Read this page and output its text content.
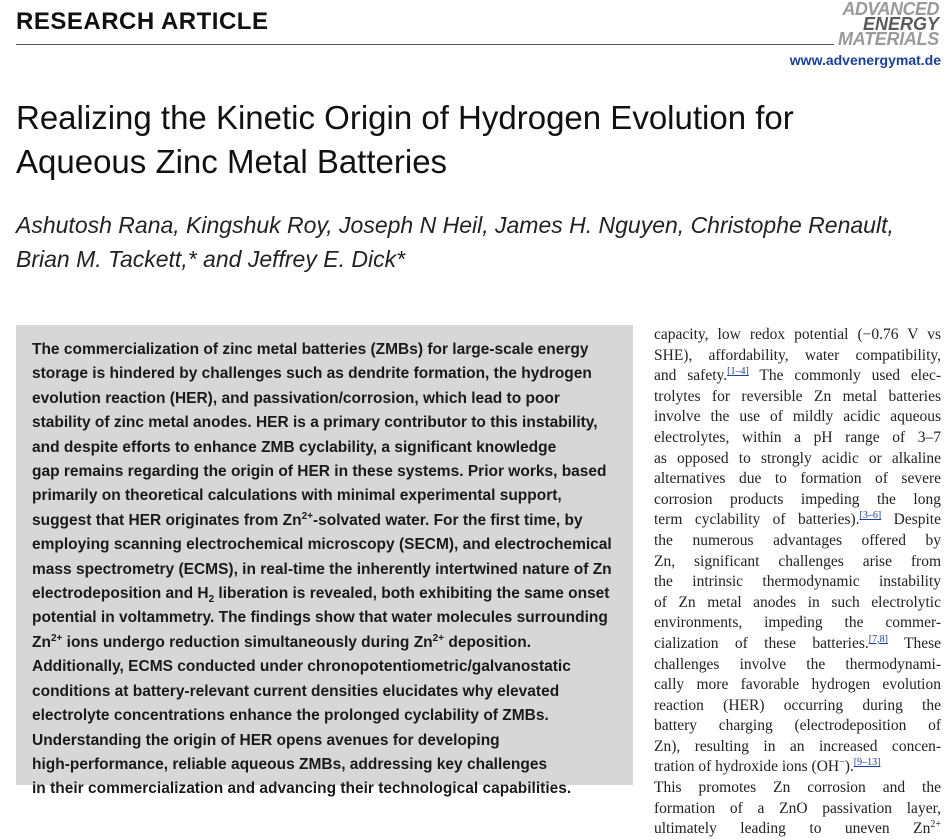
RESEARCH ARTICLE	ADVANCED
ENERGY
MATERIALS
www.advenergymat.de
Realizing the Kinetic Origin of Hydrogen Evolution for
Aqueous Zinc Metal Batteries
Ashutosh Rana, Kingshuk Roy, Joseph N Heil, James H. Nguyen, Christophe Renault,
Brian M. Tackett,* and Jeffrey E. Dick*

The commercialization of zinc metal batteries (ZMBs) for large-scale energy
storage is hindered by challenges such as dendrite formation, the hydrogen
evolution reaction (HER), and passivation/corrosion, which lead to poor
stability of zinc metal anodes. HER is a primary contributor to this instability,
and despite efforts to enhance ZMB cyclability, a significant knowledge
gap remains regarding the origin of HER in these systems. Prior works, based
primarily on theoretical calculations with minimal experimental support,
suggest that HER originates from $Zn^{2+}$-solvated water. For the first time, by
employing scanning electrochemical microscopy (SECM), and electrochemical
mass spectrometry (ECMS), in real-time the inherently intertwined nature of Zn
electrodeposition and $H_2$ liberation is revealed, both exhibiting the same onset
potential in voltammetry. The findings show that water molecules surrounding
$Zn^{2+}$ ions undergo reduction simultaneously during $Zn^{2+}$ deposition.
Additionally, ECMS conducted under chronopotentiometric/galvanostatic
conditions at battery-relevant current densities elucidates why elevated
electrolyte concentrations enhance the prolonged cyclability of ZMBs.
Understanding the origin of HER opens avenues for developing
high-performance, reliable aqueous ZMBs, addressing key challenges
in their commercialization and advancing their technological capabilities.

capacity, low redox potential (−0.76 V vs
SHE), affordability, water compatibility,
and safety.[1–4] The commonly used elec-
trolytes for reversible Zn metal batteries
involve the use of mildly acidic aqueous
electrolytes, within a pH range of 3–7
as opposed to strongly acidic or alkaline
alternatives due to formation of severe
corrosion products impeding the long
term cyclability of batteries).[3–6] Despite
the numerous advantages offered by
Zn, significant challenges arise from
the intrinsic thermodynamic instability
of Zn metal anodes in such electrolytic
environments, impeding the commer-
cialization of these batteries.[7,8] These
challenges involve the thermodynami-
cally more favorable hydrogen evolution
reaction (HER) occurring during the
battery charging (electrodeposition of
Zn), resulting in an increased concen-
tration of hydroxide ions (OH−).[9–13]
This promotes Zn corrosion and the
formation of a ZnO passivation layer,
ultimately leading to uneven $Zn^{2+}$
